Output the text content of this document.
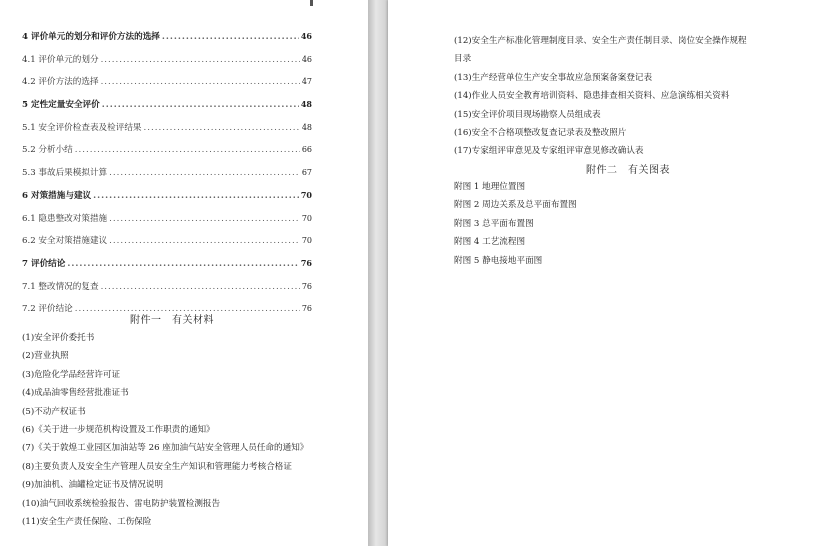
4 评价单元的划分和评价方法的选择 .....	46
4.1 评价单元的划分 .....	46
4.2 评价方法的选择 .....	47
5 定性定量安全评价 .....	48
5.1 安全评价检查表及检评结果 .....	48
5.2 分析小结 .....	66
5.3 事故后果模拟计算 .....	67
6 对策措施与建议 .....	70
6.1 隐患整改对策措施 .....	70
6.2 安全对策措施建议 .....	70
7 评价结论 .....	76
7.1 整改情况的复查 .....	76
7.2 评价结论 .....	76
附件一　有关材料
(1)安全评价委托书
(2)营业执照
(3)危险化学品经营许可证
(4)成品油零售经营批准证书
(5)不动产权证书
(6)《关于进一步规范机构设置及工作职责的通知》
(7)《关于敦煌工业园区加油站等 26 座加油气站安全管理人员任命的通知》
(8)主要负责人及安全生产管理人员安全生产知识和管理能力考核合格证
(9)加油机、油罐检定证书及情况说明
(10)油气回收系统检验报告、雷电防护装置检测报告
(11)安全生产责任保险、工伤保险
(12)安全生产标准化管理制度目录、安全生产责任制目录、岗位安全操作规程
目录
(13)生产经营单位生产安全事故应急预案备案登记表
(14)作业人员安全教育培训资料、隐患排查相关资料、应急演练相关资料
(15)安全评价项目现场勘察人员组成表
(16)安全不合格项整改复查记录表及整改照片
(17)专家组评审意见及专家组评审意见修改确认表
附件二　有关图表
附图 1 地理位置图
附图 2 周边关系及总平面布置图
附图 3 总平面布置图
附图 4 工艺流程图
附图 5 静电接地平面图
